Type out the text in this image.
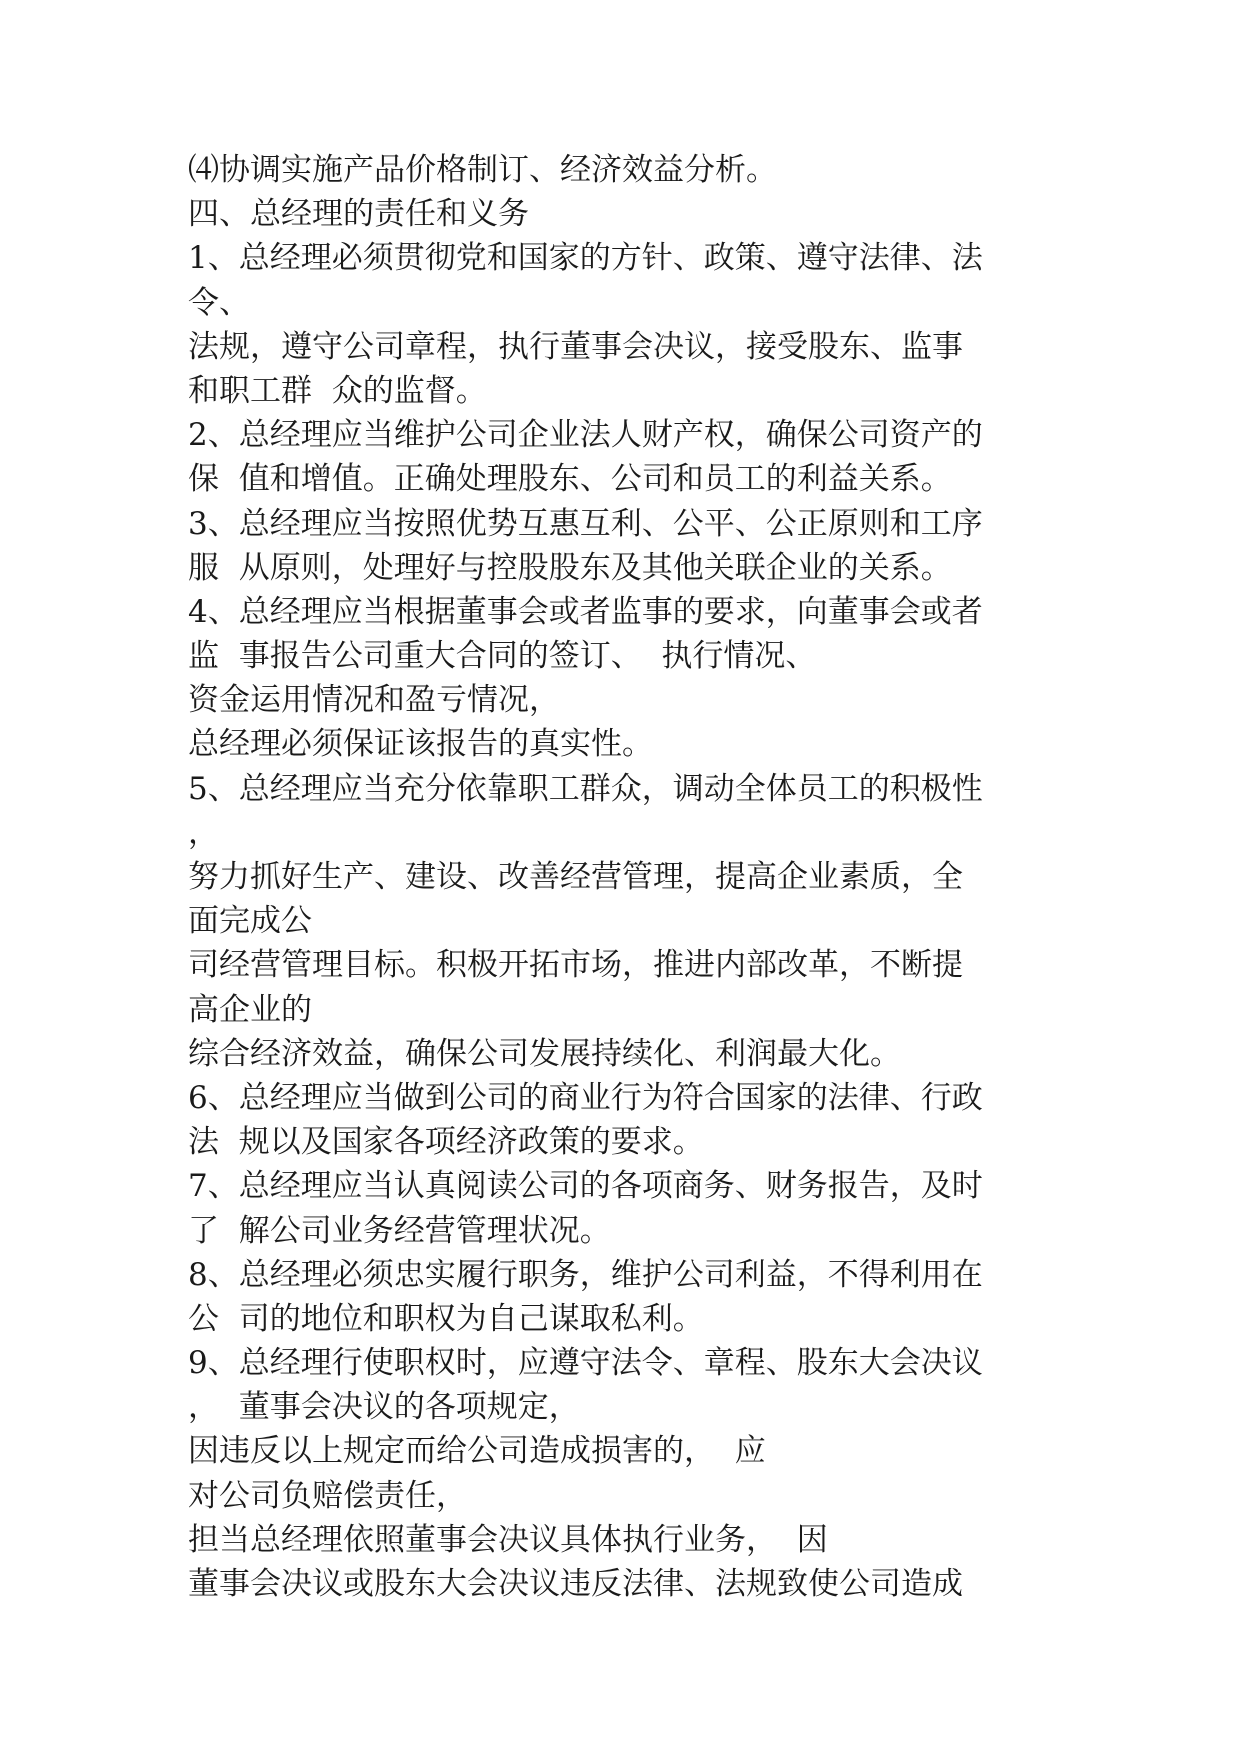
⑷协调实施产品价格制订、经济效益分析。

四、总经理的责任和义务

1、总经理必须贯彻党和国家的方针、政策、遵守法律、法

令、

法规，遵守公司章程，执行董事会决议，接受股东、监事

和职工群  众的监督。

2、总经理应当维护公司企业法人财产权，确保公司资产的

保  值和增值。正确处理股东、公司和员工的利益关系。

3、总经理应当按照优势互惠互利、公平、公正原则和工序

服  从原则，处理好与控股股东及其他关联企业的关系。

4、总经理应当根据董事会或者监事的要求，向董事会或者

监  事报告公司重大合同的签订、  执行情况、

资金运用情况和盈亏情况，

总经理必须保证该报告的真实性。

5、总经理应当充分依靠职工群众，调动全体员工的积极性

，

努力抓好生产、建设、改善经营管理，提高企业素质，全

面完成公

司经营管理目标。积极开拓市场，推进内部改革，不断提

高企业的

综合经济效益，确保公司发展持续化、利润最大化。

6、总经理应当做到公司的商业行为符合国家的法律、行政

法  规以及国家各项经济政策的要求。

7、总经理应当认真阅读公司的各项商务、财务报告，及时

了  解公司业务经营管理状况。

8、总经理必须忠实履行职务，维护公司利益，不得利用在

公  司的地位和职权为自己谋取私利。

9、总经理行使职权时，应遵守法令、章程、股东大会决议

，  董事会决议的各项规定，

因违反以上规定而给公司造成损害的，  应

对公司负赔偿责任，

担当总经理依照董事会决议具体执行业务，  因

董事会决议或股东大会决议违反法律、法规致使公司造成
